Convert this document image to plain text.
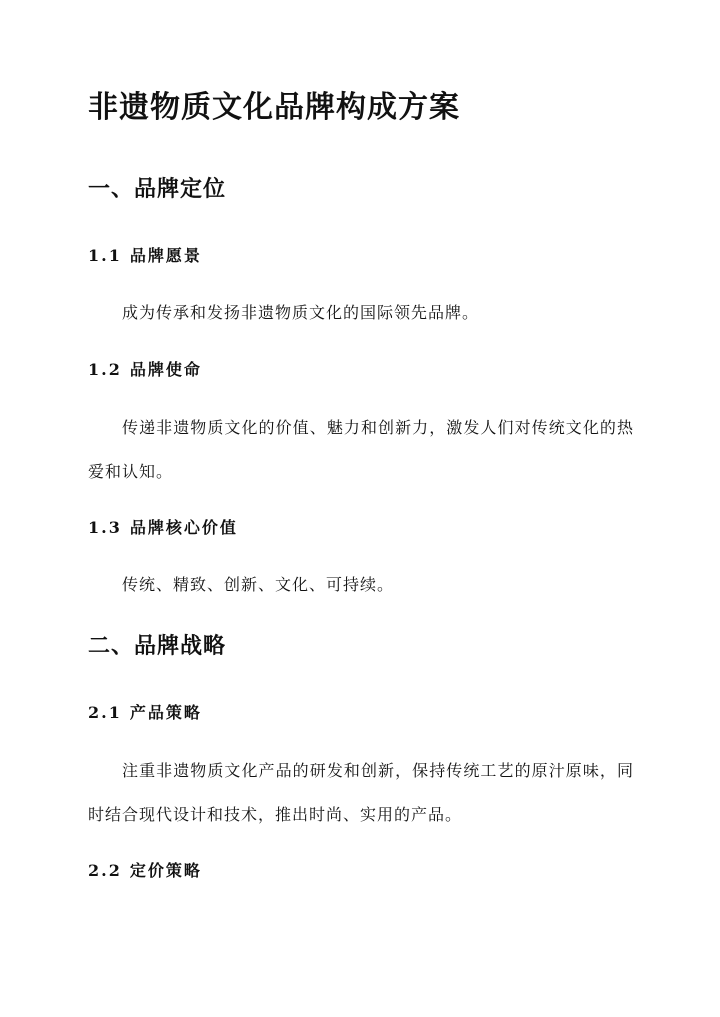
非遗物质文化品牌构成方案
一、品牌定位
1.1 品牌愿景

成为传承和发扬非遗物质文化的国际领先品牌。

1.2 品牌使命

传递非遗物质文化的价值、魅力和创新力，激发人们对传统文化的热爱和认知。

1.3 品牌核心价值

传统、精致、创新、文化、可持续。

二、品牌战略
2.1 产品策略

注重非遗物质文化产品的研发和创新，保持传统工艺的原汁原味，同时结合现代设计和技术，推出时尚、实用的产品。

2.2 定价策略
